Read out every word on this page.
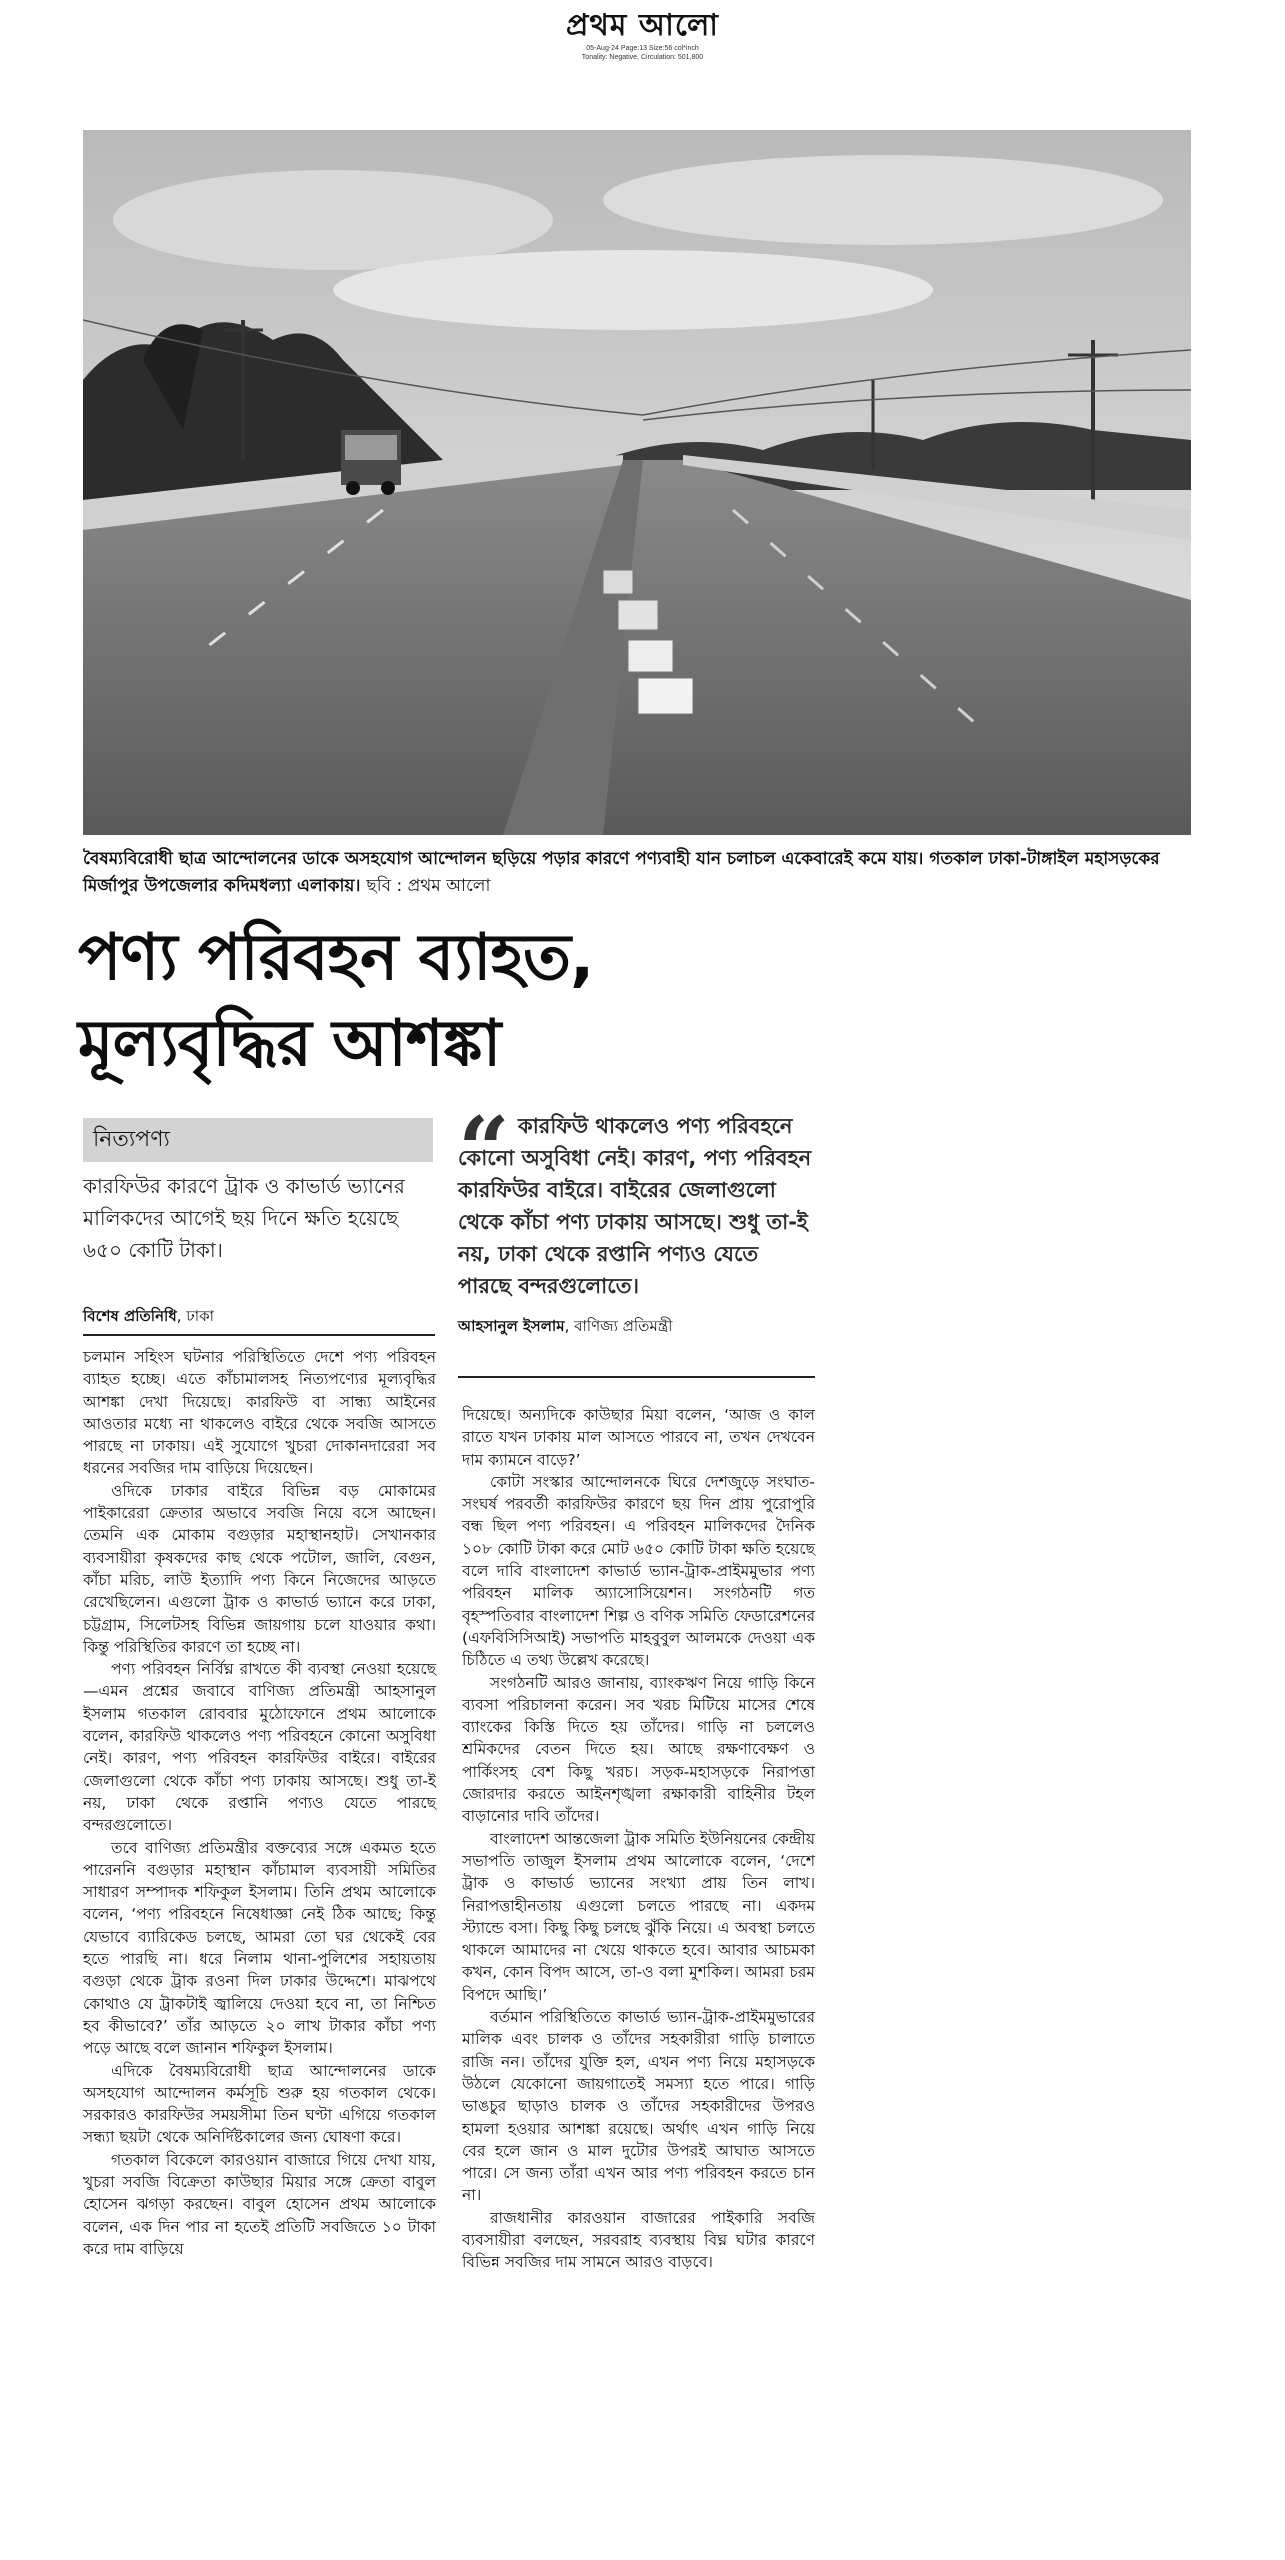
প্রথম আলো
05-Aug-24 Page:13 Size:56 col*inch
Tonality: Negative, Circulation: 501,800
বৈষম্যবিরোধী ছাত্র আন্দোলনের ডাকে অসহযোগ আন্দোলন ছড়িয়ে পড়ার কারণে পণ্যবাহী যান চলাচল একেবারেই কমে যায়। গতকাল ঢাকা-টাঙ্গাইল মহাসড়কের মির্জাপুর উপজেলার কদিমধল্যা এলাকায়। ছবি : প্রথম আলো
পণ্য পরিবহন ব্যাহত,
মূল্যবৃদ্ধির আশঙ্কা
নিত্যপণ্য
কারফিউর কারণে ট্রাক ও কাভার্ড ভ্যানের মালিকদের আগেই ছয় দিনে ক্ষতি হয়েছে ৬৫০ কোটি টাকা।
বিশেষ প্রতিনিধি, ঢাকা
“ কারফিউ থাকলেও পণ্য পরিবহনে কোনো অসুবিধা নেই। কারণ, পণ্য পরিবহন কারফিউর বাইরে। বাইরের জেলাগুলো থেকে কাঁচা পণ্য ঢাকায় আসছে। শুধু তা-ই নয়, ঢাকা থেকে রপ্তানি পণ্যও যেতে পারছে বন্দরগুলোতে।

আহসানুল ইসলাম, বাণিজ্য প্রতিমন্ত্রী

চলমান সহিংস ঘটনার পরিস্থিতিতে দেশে পণ্য পরিবহন ব্যাহত হচ্ছে। এতে কাঁচামালসহ নিত্যপণ্যের মূল্যবৃদ্ধির আশঙ্কা দেখা দিয়েছে। কারফিউ বা সান্ধ্য আইনের আওতার মধ্যে না থাকলেও বাইরে থেকে সবজি আসতে পারছে না ঢাকায়। এই সুযোগে খুচরা দোকানদারেরা সব ধরনের সবজির দাম বাড়িয়ে দিয়েছেন।

ওদিকে ঢাকার বাইরে বিভিন্ন বড় মোকামের পাইকারেরা ক্রেতার অভাবে সবজি নিয়ে বসে আছেন। তেমনি এক মোকাম বগুড়ার মহাস্থানহাট। সেখানকার ব্যবসায়ীরা কৃষকদের কাছ থেকে পটোল, জালি, বেগুন, কাঁচা মরিচ, লাউ ইত্যাদি পণ্য কিনে নিজেদের আড়তে রেখেছিলেন। এগুলো ট্রাক ও কাভার্ড ভ্যানে করে ঢাকা, চট্টগ্রাম, সিলেটসহ বিভিন্ন জায়গায় চলে যাওয়ার কথা। কিন্তু পরিস্থিতির কারণে তা হচ্ছে না।

পণ্য পরিবহন নির্বিঘ্ন রাখতে কী ব্যবস্থা নেওয়া হয়েছে—এমন প্রশ্নের জবাবে বাণিজ্য প্রতিমন্ত্রী আহসানুল ইসলাম গতকাল রোববার মুঠোফোনে প্রথম আলোকে বলেন, কারফিউ থাকলেও পণ্য পরিবহনে কোনো অসুবিধা নেই। কারণ, পণ্য পরিবহন কারফিউর বাইরে। বাইরের জেলাগুলো থেকে কাঁচা পণ্য ঢাকায় আসছে। শুধু তা-ই নয়, ঢাকা থেকে রপ্তানি পণ্যও যেতে পারছে বন্দরগুলোতে।

তবে বাণিজ্য প্রতিমন্ত্রীর বক্তব্যের সঙ্গে একমত হতে পারেননি বগুড়ার মহাস্থান কাঁচামাল ব্যবসায়ী সমিতির সাধারণ সম্পাদক শফিকুল ইসলাম। তিনি প্রথম আলোকে বলেন, ‘পণ্য পরিবহনে নিষেধাজ্ঞা নেই ঠিক আছে; কিন্তু যেভাবে ব্যারিকেড চলছে, আমরা তো ঘর থেকেই বের হতে পারছি না। ধরে নিলাম থানা-পুলিশের সহায়তায় বগুড়া থেকে ট্রাক রওনা দিল ঢাকার উদ্দেশে। মাঝপথে কোথাও যে ট্রাকটাই জ্বালিয়ে দেওয়া হবে না, তা নিশ্চিত হব কীভাবে?’ তাঁর আড়তে ২০ লাখ টাকার কাঁচা পণ্য পড়ে আছে বলে জানান শফিকুল ইসলাম।

এদিকে বৈষম্যবিরোধী ছাত্র আন্দোলনের ডাকে অসহযোগ আন্দোলন কর্মসূচি শুরু হয় গতকাল থেকে। সরকারও কারফিউর সময়সীমা তিন ঘণ্টা এগিয়ে গতকাল সন্ধ্যা ছয়টা থেকে অনির্দিষ্টকালের জন্য ঘোষণা করে।

গতকাল বিকেলে কারওয়ান বাজারে গিয়ে দেখা যায়, খুচরা সবজি বিক্রেতা কাউছার মিয়ার সঙ্গে ক্রেতা বাবুল হোসেন ঝগড়া করছেন। বাবুল হোসেন প্রথম আলোকে বলেন, এক দিন পার না হতেই প্রতিটি সবজিতে ১০ টাকা করে দাম বাড়িয়ে

দিয়েছে। অন্যদিকে কাউছার মিয়া বলেন, ‘আজ ও কাল রাতে যখন ঢাকায় মাল আসতে পারবে না, তখন দেখবেন দাম ক্যামনে বাড়ে?’

কোটা সংস্কার আন্দোলনকে ঘিরে দেশজুড়ে সংঘাত-সংঘর্ষ পরবর্তী কারফিউর কারণে ছয় দিন প্রায় পুরোপুরি বন্ধ ছিল পণ্য পরিবহন। এ পরিবহন মালিকদের দৈনিক ১০৮ কোটি টাকা করে মোট ৬৫০ কোটি টাকা ক্ষতি হয়েছে বলে দাবি বাংলাদেশ কাভার্ড ভ্যান-ট্রাক-প্রাইমমুভার পণ্য পরিবহন মালিক অ্যাসোসিয়েশন। সংগঠনটি গত বৃহস্পতিবার বাংলাদেশ শিল্প ও বণিক সমিতি ফেডারেশনের (এফবিসিসিআই) সভাপতি মাহবুবুল আলমকে দেওয়া এক চিঠিতে এ তথ্য উল্লেখ করেছে।

সংগঠনটি আরও জানায়, ব্যাংকঋণ নিয়ে গাড়ি কিনে ব্যবসা পরিচালনা করেন। সব খরচ মিটিয়ে মাসের শেষে ব্যাংকের কিস্তি দিতে হয় তাঁদের। গাড়ি না চললেও শ্রমিকদের বেতন দিতে হয়। আছে রক্ষণাবেক্ষণ ও পার্কিংসহ বেশ কিছু খরচ। সড়ক-মহাসড়কে নিরাপত্তা জোরদার করতে আইনশৃঙ্খলা রক্ষাকারী বাহিনীর টহল বাড়ানোর দাবি তাঁদের।

বাংলাদেশ আন্তজেলা ট্রাক সমিতি ইউনিয়নের কেন্দ্রীয় সভাপতি তাজুল ইসলাম প্রথম আলোকে বলেন, ‘দেশে ট্রাক ও কাভার্ড ভ্যানের সংখ্যা প্রায় তিন লাখ। নিরাপত্তাহীনতায় এগুলো চলতে পারছে না। একদম স্ট্যান্ডে বসা। কিছু কিছু চলছে ঝুঁকি নিয়ে। এ অবস্থা চলতে থাকলে আমাদের না খেয়ে থাকতে হবে। আবার আচমকা কখন, কোন বিপদ আসে, তা-ও বলা মুশকিল। আমরা চরম বিপদে আছি।’

বর্তমান পরিস্থিতিতে কাভার্ড ভ্যান-ট্রাক-প্রাইমমুভারের মালিক এবং চালক ও তাঁদের সহকারীরা গাড়ি চালাতে রাজি নন। তাঁদের যুক্তি হল, এখন পণ্য নিয়ে মহাসড়কে উঠলে যেকোনো জায়গাতেই সমস্যা হতে পারে। গাড়ি ভাঙচুর ছাড়াও চালক ও তাঁদের সহকারীদের উপরও হামলা হওয়ার আশঙ্কা রয়েছে। অর্থাৎ এখন গাড়ি নিয়ে বের হলে জান ও মাল দুটোর উপরই আঘাত আসতে পারে। সে জন্য তাঁরা এখন আর পণ্য পরিবহন করতে চান না।

রাজধানীর কারওয়ান বাজারের পাইকারি সবজি ব্যবসায়ীরা বলছেন, সরবরাহ ব্যবস্থায় বিঘ্ন ঘটার কারণে বিভিন্ন সবজির দাম সামনে আরও বাড়বে।
